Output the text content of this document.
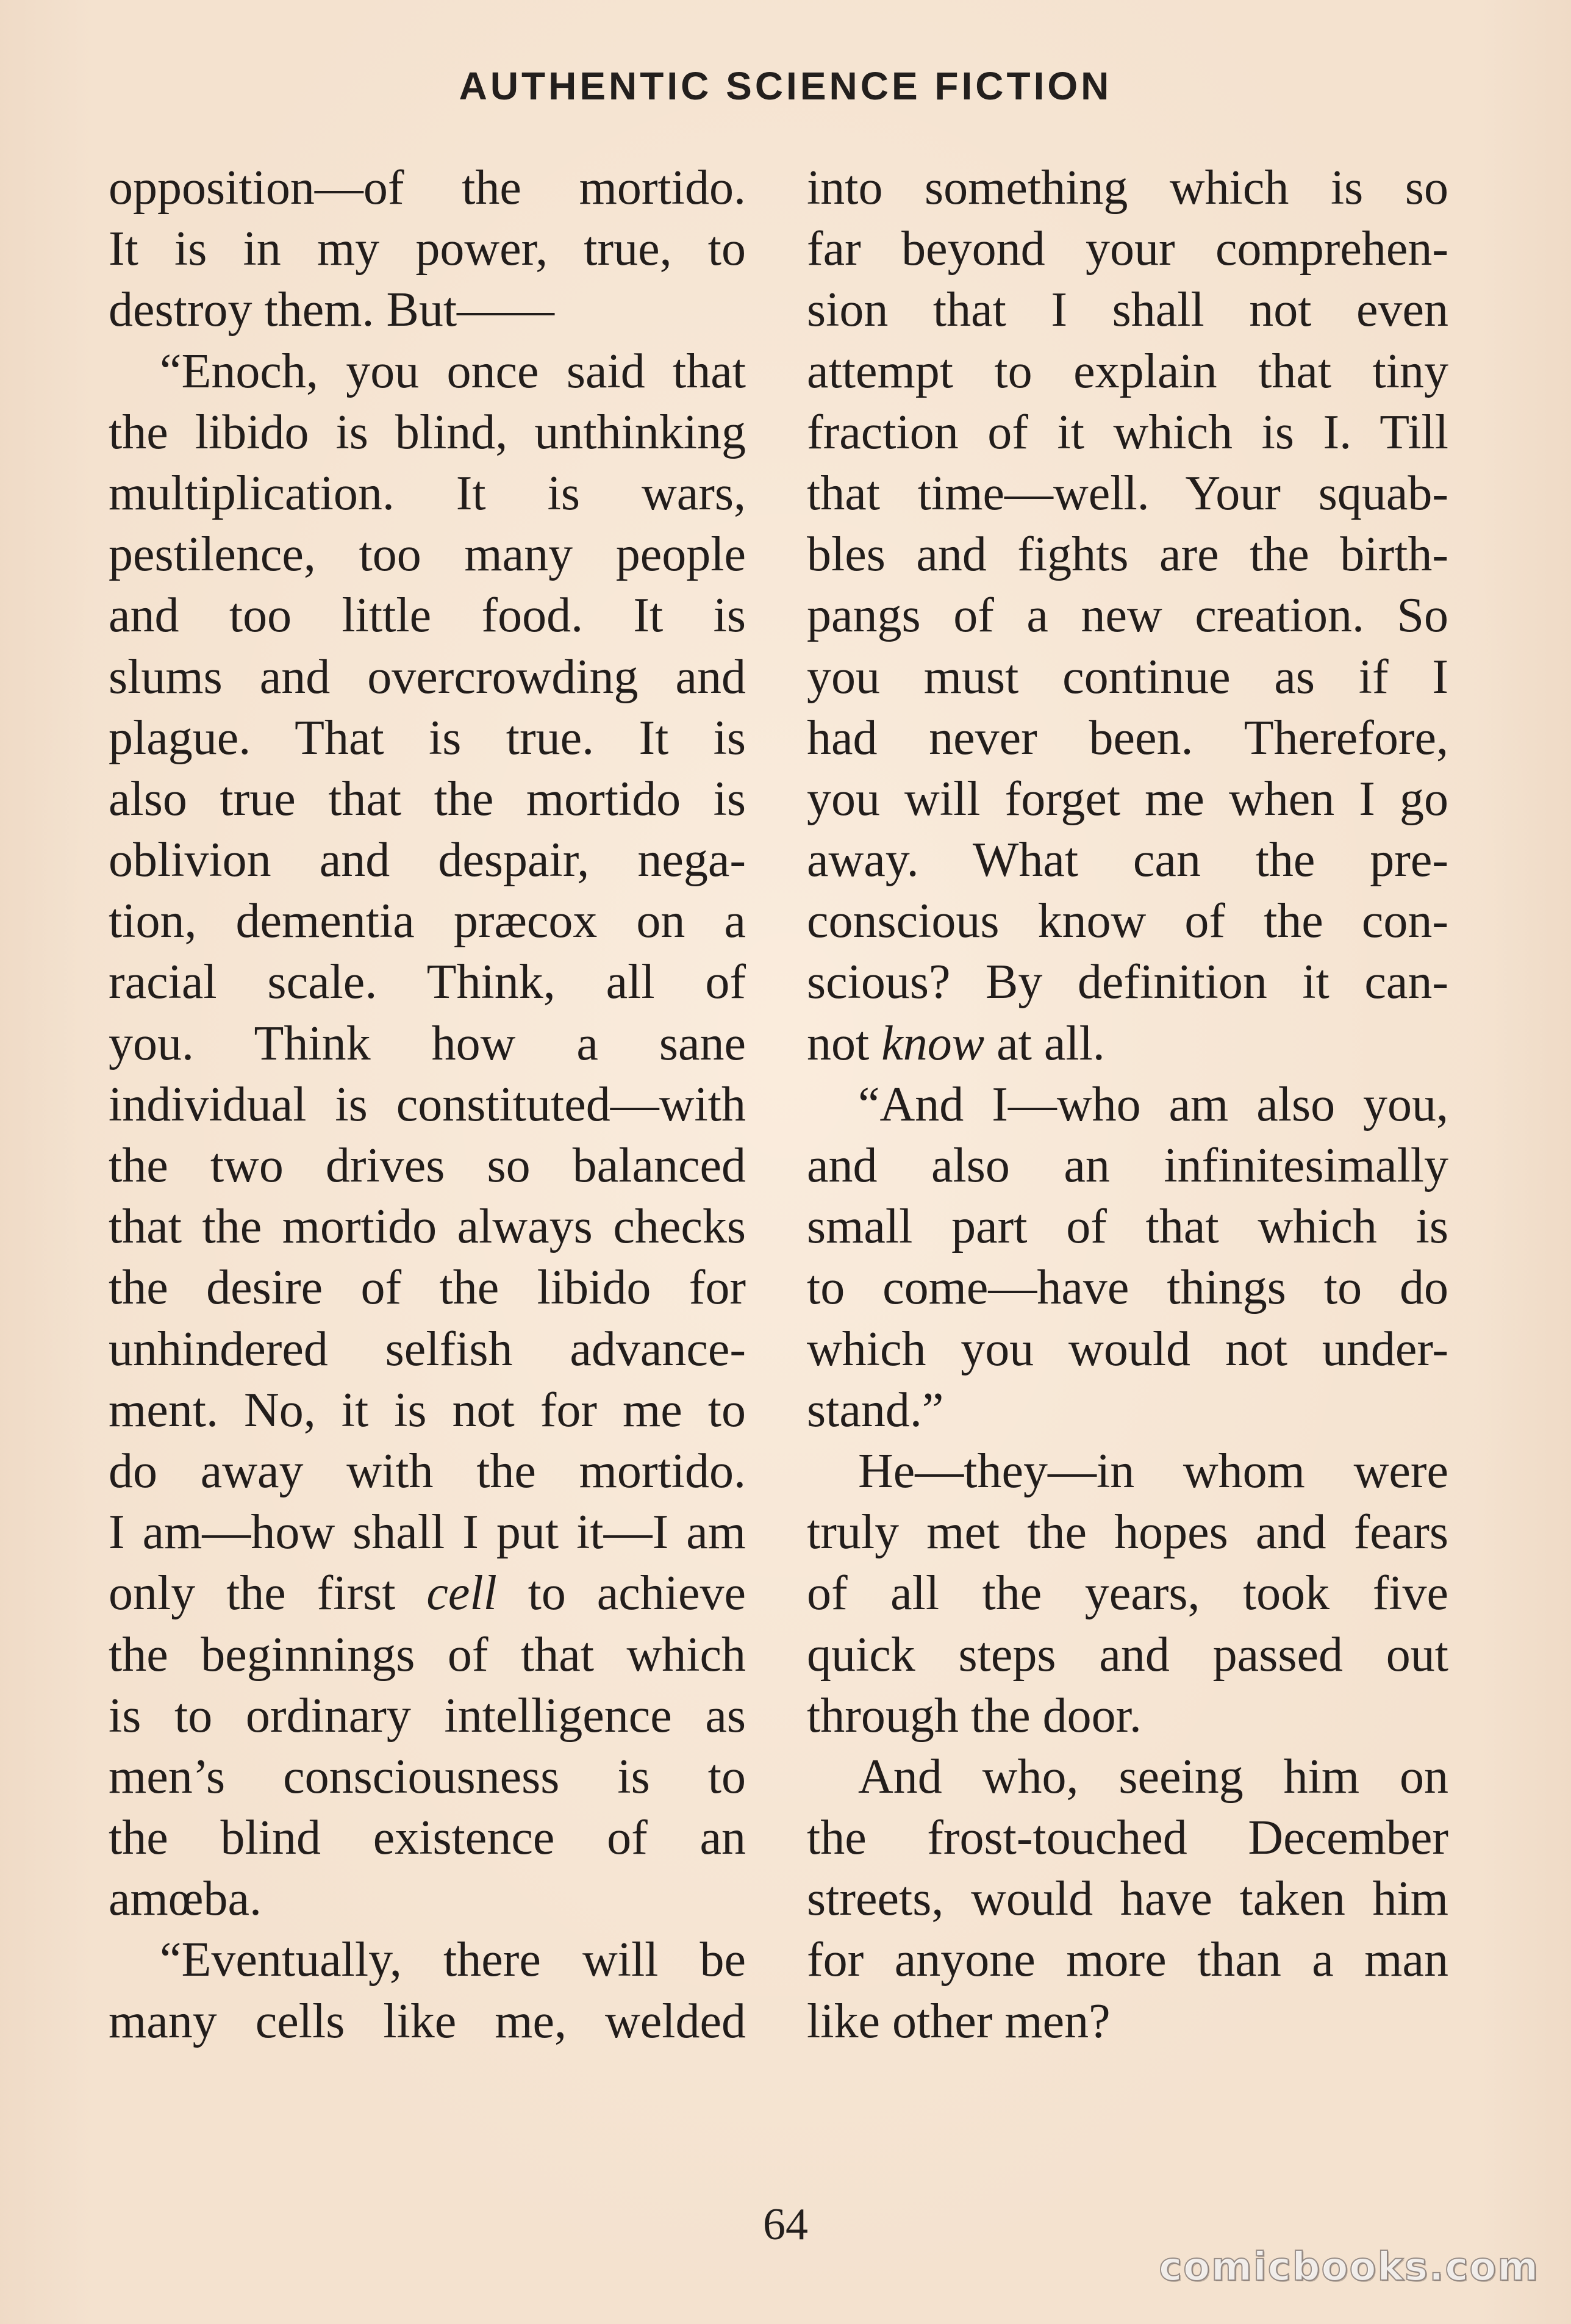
AUTHENTIC SCIENCE FICTION
opposition—of the mortido.
It is in my power, true, to
destroy them. But——
“Enoch, you once said that
the libido is blind, unthinking
multiplication. It is wars,
pestilence, too many people
and too little food. It is
slums and overcrowding and
plague. That is true. It is
also true that the mortido is
oblivion and despair, nega-
tion, dementia præcox on a
racial scale. Think, all of
you. Think how a sane
individual is constituted—with
the two drives so balanced
that the mortido always checks
the desire of the libido for
unhindered selfish advance-
ment. No, it is not for me to
do away with the mortido.
I am—how shall I put it—I am
only the first cell to achieve
the beginnings of that which
is to ordinary intelligence as
men’s consciousness is to
the blind existence of an
amœba.
“Eventually, there will be
many cells like me, welded
into something which is so
far beyond your comprehen-
sion that I shall not even
attempt to explain that tiny
fraction of it which is I. Till
that time—well. Your squab-
bles and fights are the birth-
pangs of a new creation. So
you must continue as if I
had never been. Therefore,
you will forget me when I go
away. What can the pre-
conscious know of the con-
scious? By definition it can-
not know at all.
“And I—who am also you,
and also an infinitesimally
small part of that which is
to come—have things to do
which you would not under-
stand.”
He—they—in whom were
truly met the hopes and fears
of all the years, took five
quick steps and passed out
through the door.
And who, seeing him on
the frost-touched December
streets, would have taken him
for anyone more than a man
like other men?
64
comicbooks.com
